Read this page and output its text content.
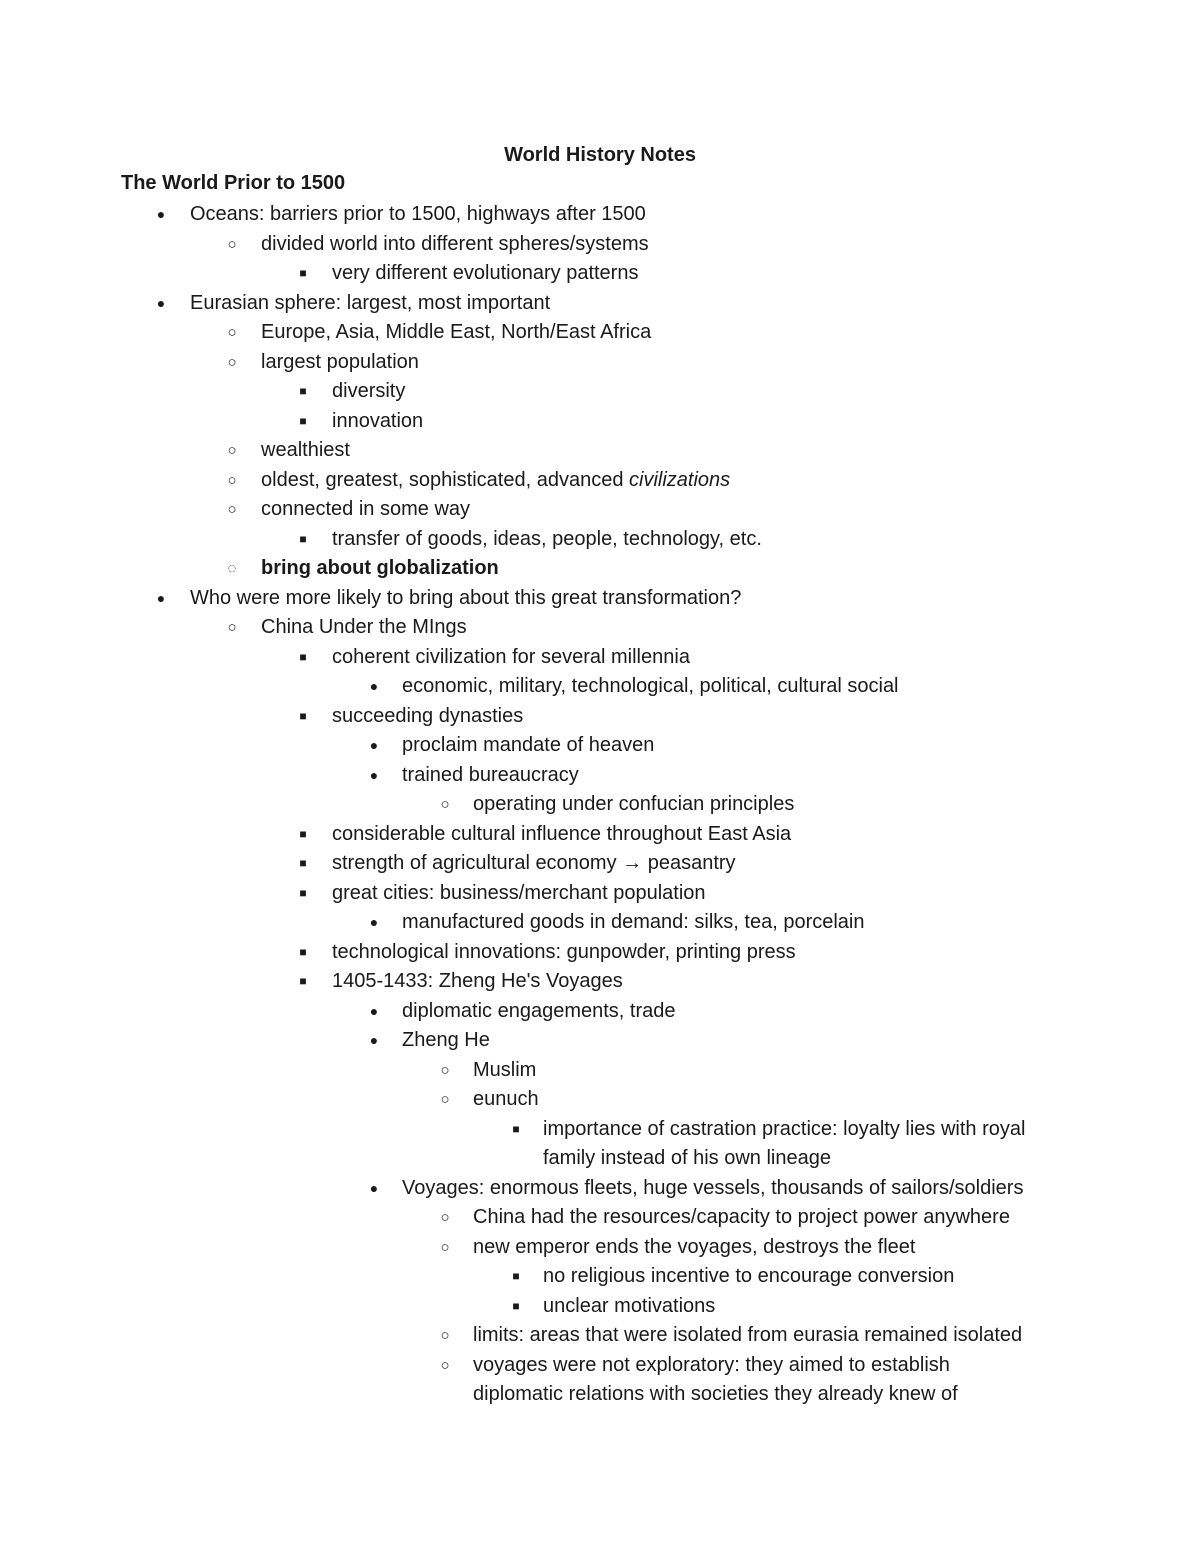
World History Notes
The World Prior to 1500
● Oceans: barriers prior to 1500, highways after 1500
○ divided world into different spheres/systems
■	very different evolutionary patterns
● Eurasian sphere: largest, most important
○ Europe, Asia, Middle East, North/East Africa
○ largest population
■	diversity
■	innovation
○ wealthiest
○ oldest, greatest, sophisticated, advanced civilizations
○ connected in some way
■	transfer of goods, ideas, people, technology, etc.
◌ bring about globalization
● Who were more likely to bring about this great transformation?
○ China Under the MIngs
■	coherent civilization for several millennia
● economic, military, technological, political, cultural social
■	succeeding dynasties
● proclaim mandate of heaven
● trained bureaucracy
○ operating under confucian principles
■	considerable cultural influence throughout East Asia
■	strength of agricultural economy → peasantry
■	great cities: business/merchant population
● manufactured goods in demand: silks, tea, porcelain
■	technological innovations: gunpowder, printing press
■	1405-1433: Zheng He's Voyages
● diplomatic engagements, trade
● Zheng He
○ Muslim
○ eunuch
■	importance of castration practice: loyalty lies with royal
family instead of his own lineage
● Voyages: enormous fleets, huge vessels, thousands of sailors/soldiers
○ China had the resources/capacity to project power anywhere
○ new emperor ends the voyages, destroys the fleet
■	no religious incentive to encourage conversion
■	unclear motivations
○ limits: areas that were isolated from eurasia remained isolated
○ voyages were not exploratory: they aimed to establish
diplomatic relations with societies they already knew of
